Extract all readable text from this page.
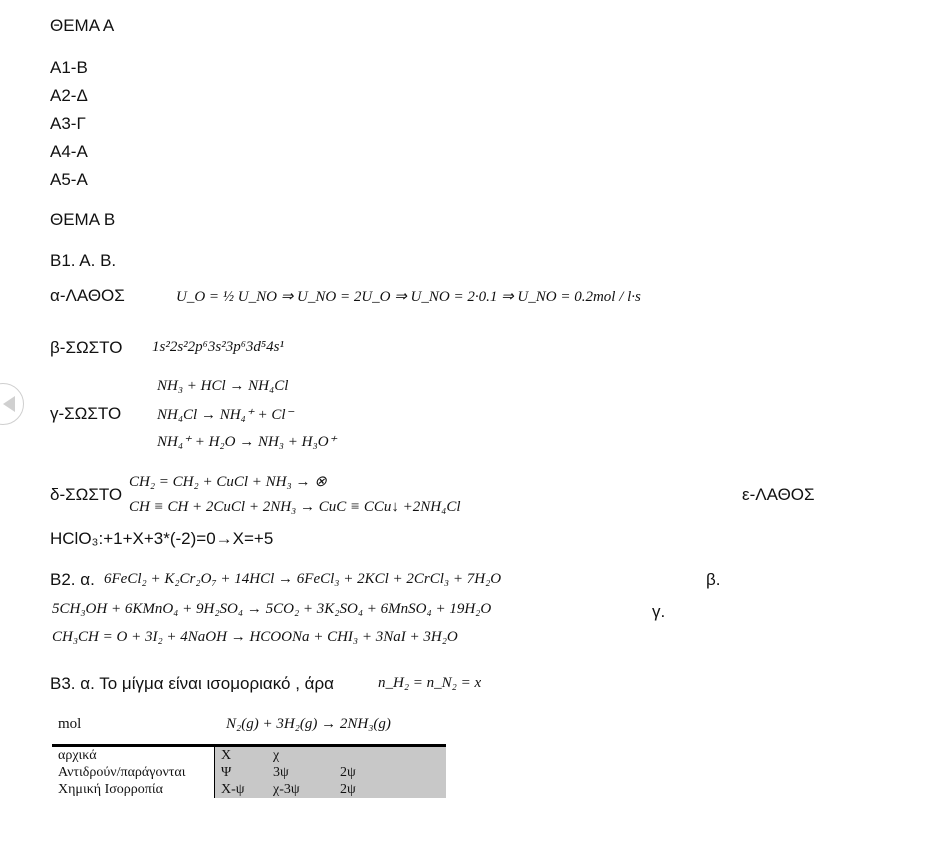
ΘΕΜΑ Α
Α1-Β
Α2-Δ
Α3-Γ
Α4-Α
Α5-Α
ΘΕΜΑ Β
Β1. Α. Β.
α-ΛΑΘΟΣ	U_O = ½ U_NO ⇒ U_NO = 2U_O ⇒ U_NO = 2·0.1 ⇒ U_NO = 0.2mol / l·s
β-ΣΩΣΤΟ 1s²2s²2p⁶3s²3p⁶3d⁵4s¹
NH₃ + HCl → NH₄Cl
γ-ΣΩΣΤΟ NH₄Cl → NH₄⁺ + Cl⁻
NH₄⁺ + H₂O → NH₃ + H₃O⁺
CH₂ = CH₂ + CuCl + NH₃ → ⊗
δ-ΣΩΣΤΟ
CH ≡ CH + 2CuCl + 2NH₃ → CuC ≡ CCu↓ +2NH₄Cl
ε-ΛΑΘΟΣ
HClO₃:+1+X+3*(-2)=0→X=+5
Β2. α. 6FeCl₂ + K₂Cr₂O₇ + 14HCl → 6FeCl₃ + 2KCl + 2CrCl₃ + 7H₂O	β.
5CH₃OH + 6KMnO₄ + 9H₂SO₄ → 5CO₂ + 3K₂SO₄ + 6MnSO₄ + 19H₂O	γ.
CH₃CH = O + 3I₂ + 4NaOH → HCOONa + CHI₃ + 3NaI + 3H₂O
Β3. α. Το μίγμα είναι ισομοριακό , άρα	n_H₂ = n_N₂ = x
mol	N₂(g) + 3H₂(g) → 2NH₃(g)
αρχικά	Χ	χ	
Αντιδρούν/παράγονται	Ψ	3ψ	2ψ
Χημική Ισορροπία	Χ-ψ	χ-3ψ	2ψ
